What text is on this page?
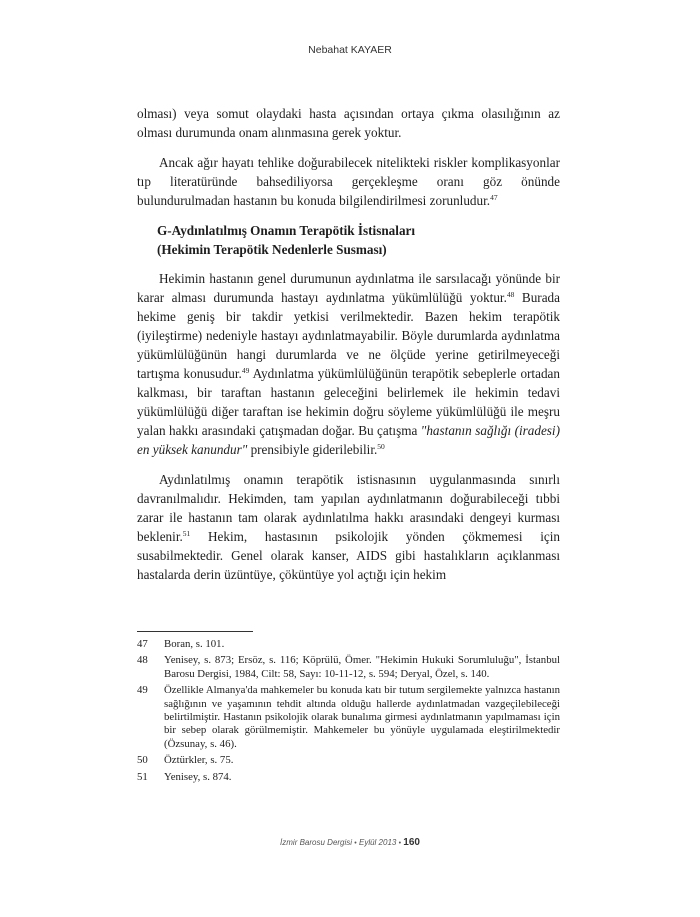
Nebahat KAYAER

olması) veya somut olaydaki hasta açısından ortaya çıkma olasılığının az olması durumunda onam alınmasına gerek yoktur.

Ancak ağır hayatı tehlike doğurabilecek nitelikteki riskler komplikasyonlar tıp literatüründe bahsediliyorsa gerçekleşme oranı göz önünde bulundurulmadan hastanın bu konuda bilgilendirilmesi zorunludur.$^{47}$

G-Aydınlatılmış Onamın Terapötik İstisnaları
(Hekimin Terapötik Nedenlerle Susması)

Hekimin hastanın genel durumunun aydınlatma ile sarsılacağı yönünde bir karar alması durumunda hastayı aydınlatma yükümlülüğü yoktur.$^{48}$ Burada hekime geniş bir takdir yetkisi verilmektedir. Bazen hekim terapötik (iyileştirme) nedeniyle hastayı aydınlatmayabilir. Böyle durumlarda aydınlatma yükümlülüğünün hangi durumlarda ve ne ölçüde yerine getirilmeyeceği tartışma konusudur.$^{49}$ Aydınlatma yükümlülüğünün terapötik sebeplerle ortadan kalkması, bir taraftan hastanın geleceğini belirlemek ile hekimin tedavi yükümlülüğü diğer taraftan ise hekimin doğru söyleme yükümlülüğü ile meşru yalan hakkı arasındaki çatışmadan doğar. Bu çatışma "hastanın sağlığı (iradesi) en yüksek kanundur" prensibiyle giderilebilir.$^{50}$

Aydınlatılmış onamın terapötik istisnasının uygulanmasında sınırlı davranılmalıdır. Hekimden, tam yapılan aydınlatmanın doğurabileceği tıbbi zarar ile hastanın tam olarak aydınlatılma hakkı arasındaki dengeyi kurması beklenir.$^{51}$ Hekim, hastasının psikolojik yönden çökmemesi için susabilmektedir. Genel olarak kanser, AIDS gibi hastalıkların açıklanması hastalarda derin üzüntüye, çöküntüye yol açtığı için hekim

47	Boran, s. 101.
48	Yenisey, s. 873; Ersöz, s. 116; Köprülü, Ömer. "Hekimin Hukuki Sorumluluğu", İstanbul Barosu Dergisi, 1984, Cilt: 58, Sayı: 10-11-12, s. 594; Deryal, Özel, s. 140.
49	Özellikle Almanya'da mahkemeler bu konuda katı bir tutum sergilemekte yalnızca hastanın sağlığının ve yaşamının tehdit altında olduğu hallerde aydınlatmadan vazgeçilebileceği belirtilmiştir. Hastanın psikolojik olarak bunalıma girmesi aydınlatmanın yapılmaması için bir sebep olarak görülmemiştir. Mahkemeler bu yönüyle uygulamada eleştirilmektedir (Özsunay, s. 46).
50	Öztürkler, s. 75.
51	Yenisey, s. 874.
İzmir Barosu Dergisi • Eylül 2013 • 160
